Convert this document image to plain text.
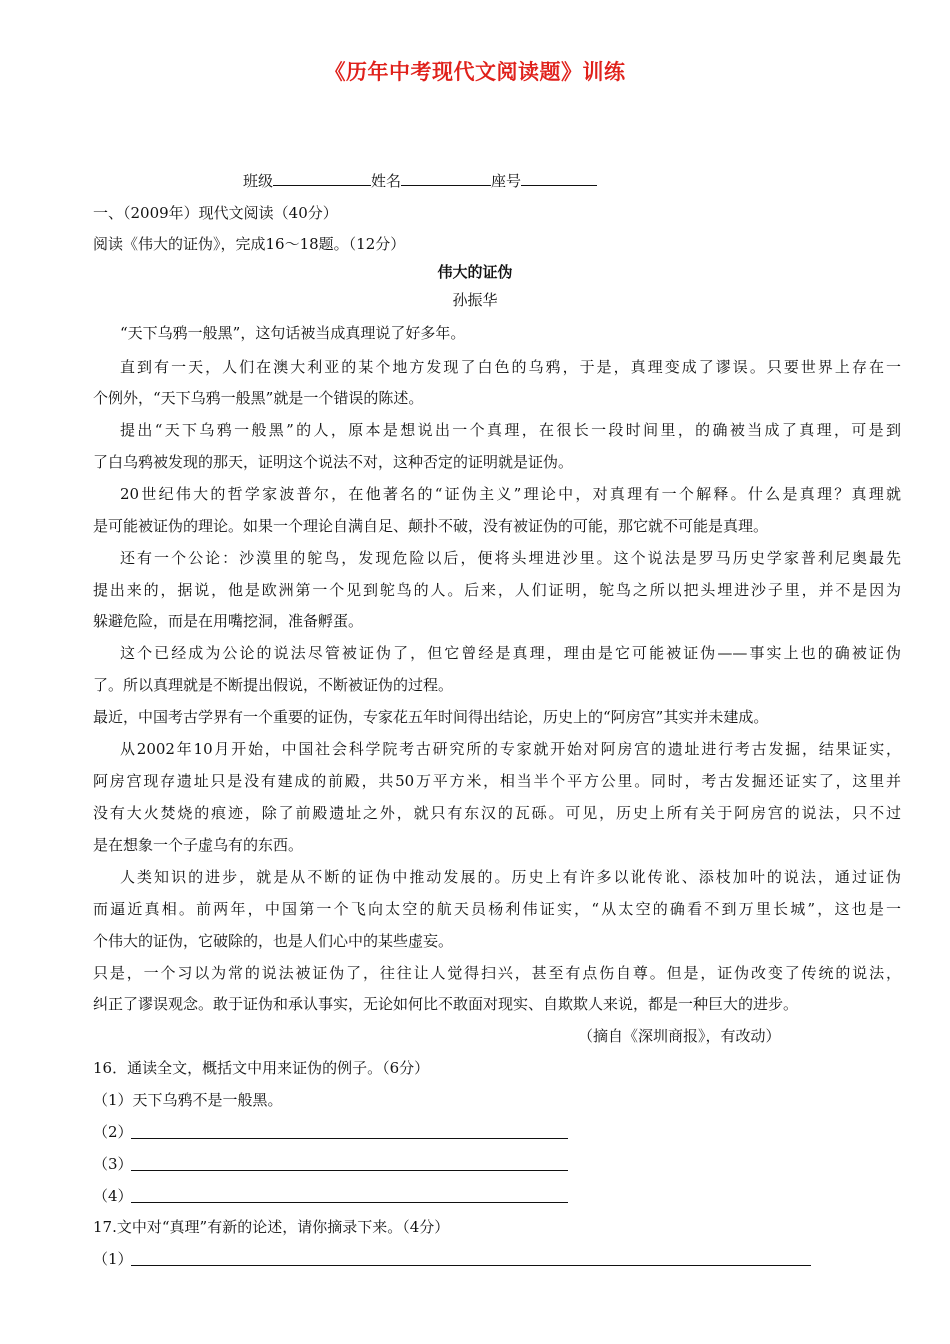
《历年中考现代文阅读题》训练
班级	姓名	座号
一、（2009年）现代文阅读（40分）
阅读《伟大的证伪》，完成16～18题。（12分）
伟大的证伪
孙振华
“天下乌鸦一般黑”，这句话被当成真理说了好多年。
直到有一天，人们在澳大利亚的某个地方发现了白色的乌鸦，于是，真理变成了谬误。只要世界上存在一
个例外，“天下乌鸦一般黑”就是一个错误的陈述。
提出“天下乌鸦一般黑”的人，原本是想说出一个真理，在很长一段时间里，的确被当成了真理，可是到
了白乌鸦被发现的那天，证明这个说法不对，这种否定的证明就是证伪。
20世纪伟大的哲学家波普尔，在他著名的“证伪主义”理论中，对真理有一个解释。什么是真理？真理就
是可能被证伪的理论。如果一个理论自满自足、颠扑不破，没有被证伪的可能，那它就不可能是真理。
还有一个公论：沙漠里的鸵鸟，发现危险以后，便将头埋进沙里。这个说法是罗马历史学家普利尼奥最先
提出来的，据说，他是欧洲第一个见到鸵鸟的人。后来，人们证明，鸵鸟之所以把头埋进沙子里，并不是因为
躲避危险，而是在用嘴挖洞，准备孵蛋。
这个已经成为公论的说法尽管被证伪了，但它曾经是真理，理由是它可能被证伪——事实上也的确被证伪
了。所以真理就是不断提出假说，不断被证伪的过程。
最近，中国考古学界有一个重要的证伪，专家花五年时间得出结论，历史上的“阿房宫”其实并未建成。
从2002年10月开始，中国社会科学院考古研究所的专家就开始对阿房宫的遗址进行考古发掘，结果证实，
阿房宫现存遗址只是没有建成的前殿，共50万平方米，相当半个平方公里。同时，考古发掘还证实了，这里并
没有大火焚烧的痕迹，除了前殿遗址之外，就只有东汉的瓦砾。可见，历史上所有关于阿房宫的说法，只不过
是在想象一个子虚乌有的东西。
人类知识的进步，就是从不断的证伪中推动发展的。历史上有许多以讹传讹、添枝加叶的说法，通过证伪
而逼近真相。前两年，中国第一个飞向太空的航天员杨利伟证实，“从太空的确看不到万里长城”，这也是一
个伟大的证伪，它破除的，也是人们心中的某些虚妄。
只是，一个习以为常的说法被证伪了，往往让人觉得扫兴，甚至有点伤自尊。但是，证伪改变了传统的说法，
纠正了谬误观念。敢于证伪和承认事实，无论如何比不敢面对现实、自欺欺人来说，都是一种巨大的进步。
（摘自《深圳商报》，有改动）
16．通读全文，概括文中用来证伪的例子。（6分）
（1）天下乌鸦不是一般黑。
（2）
（3）
（4）
17.文中对“真理”有新的论述，请你摘录下来。（4分）
（1）
